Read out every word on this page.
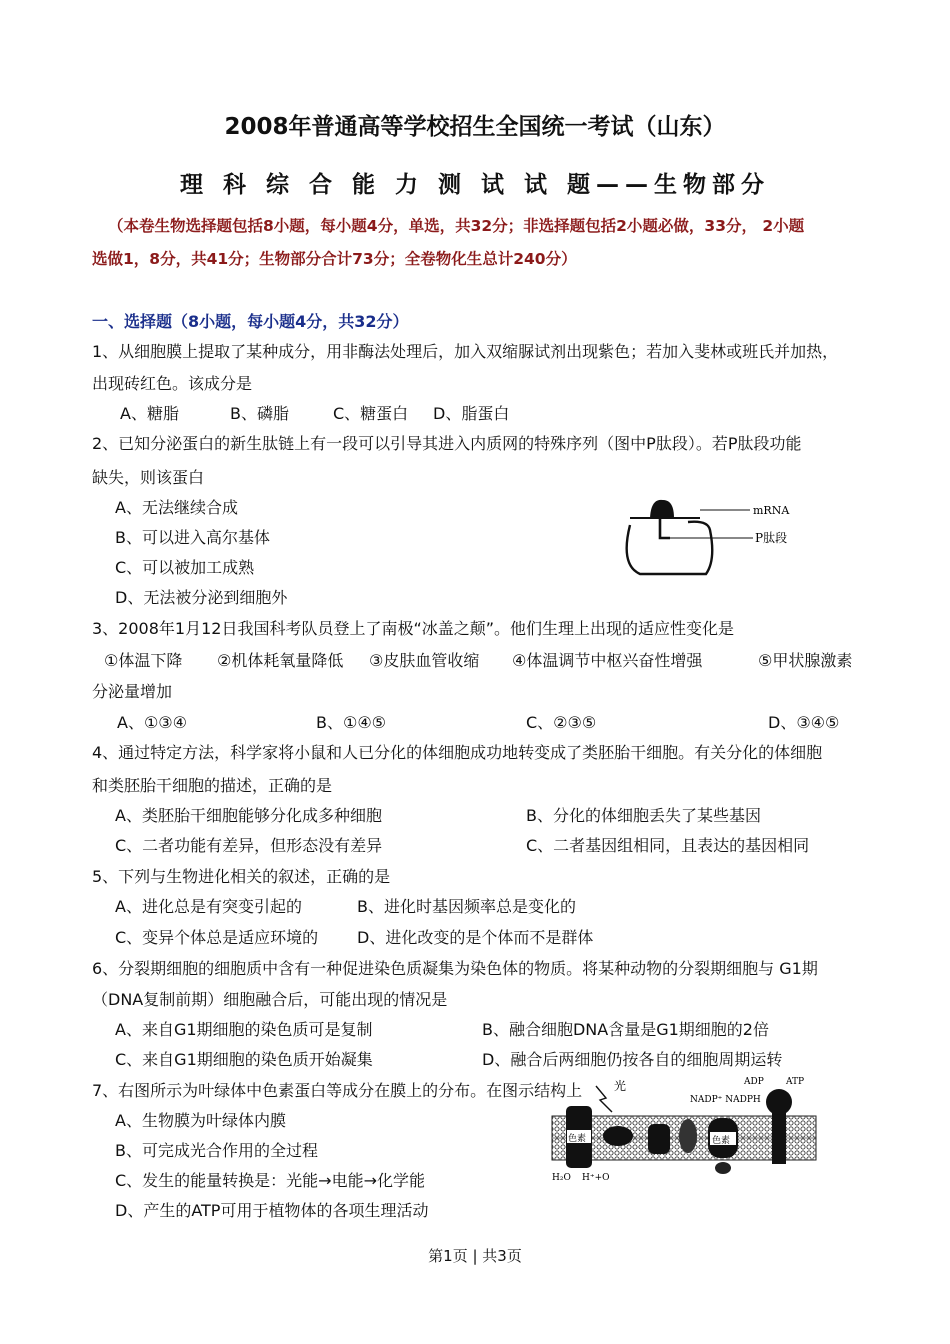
2008年普通高等学校招生全国统一考试（山东）
理 科 综 合 能 力 测 试 试 题——生物部分
（本卷生物选择题包括8小题，每小题4分，单选，共32分；非选择题包括2小题必做，33分， 2小题
选做1，8分，共41分；生物部分合计73分；全卷物化生总计240分）
一、选择题（8小题，每小题4分，共32分）
1、从细胞膜上提取了某种成分，用非酶法处理后，加入双缩脲试剂出现紫色；若加入斐林或班氏并加热，
出现砖红色。该成分是
A、糖脂	B、磷脂	C、糖蛋白 D、脂蛋白
2、已知分泌蛋白的新生肽链上有一段可以引导其进入内质网的特殊序列（图中P肽段）。若P肽段功能
缺失，则该蛋白
A、无法继续合成
B、可以进入高尔基体
C、可以被加工成熟
D、无法被分泌到细胞外
mRNA
P肽段
3、2008年1月12日我国科考队员登上了南极“冰盖之颠”。他们生理上出现的适应性变化是
①体温下降 ②机体耗氧量降低 ③皮肤血管收缩 ④体温调节中枢兴奋性增强	⑤甲状腺激素
分泌量增加
A、①③④	B、①④⑤	C、②③⑤	D、③④⑤
4、通过特定方法，科学家将小鼠和人已分化的体细胞成功地转变成了类胚胎干细胞。有关分化的体细胞
和类胚胎干细胞的描述，正确的是
A、类胚胎干细胞能够分化成多种细胞	B、分化的体细胞丢失了某些基因
C、二者功能有差异，但形态没有差异	C、二者基因组相同，且表达的基因相同
5、下列与生物进化相关的叙述，正确的是
A、进化总是有突变引起的	B、进化时基因频率总是变化的
C、变异个体总是适应环境的 D、进化改变的是个体而不是群体
6、分裂期细胞的细胞质中含有一种促进染色质凝集为染色体的物质。将某种动物的分裂期细胞与 G1期
（DNA复制前期）细胞融合后，可能出现的情况是
A、来自G1期细胞的染色质可是复制	B、融合细胞DNA含量是G1期细胞的2倍
C、来自G1期细胞的染色质开始凝集	D、融合后两细胞仍按各自的细胞周期运转
7、右图所示为叶绿体中色素蛋白等成分在膜上的分布。在图示结构上
A、生物膜为叶绿体内膜
B、可完成光合作用的全过程
C、发生的能量转换是：光能→电能→化学能
D、产生的ATP可用于植物体的各项生理活动
光
色素	色素
ADP ATP
NADP⁺ NADPH
H₂O H⁺+O
第1页 | 共3页
